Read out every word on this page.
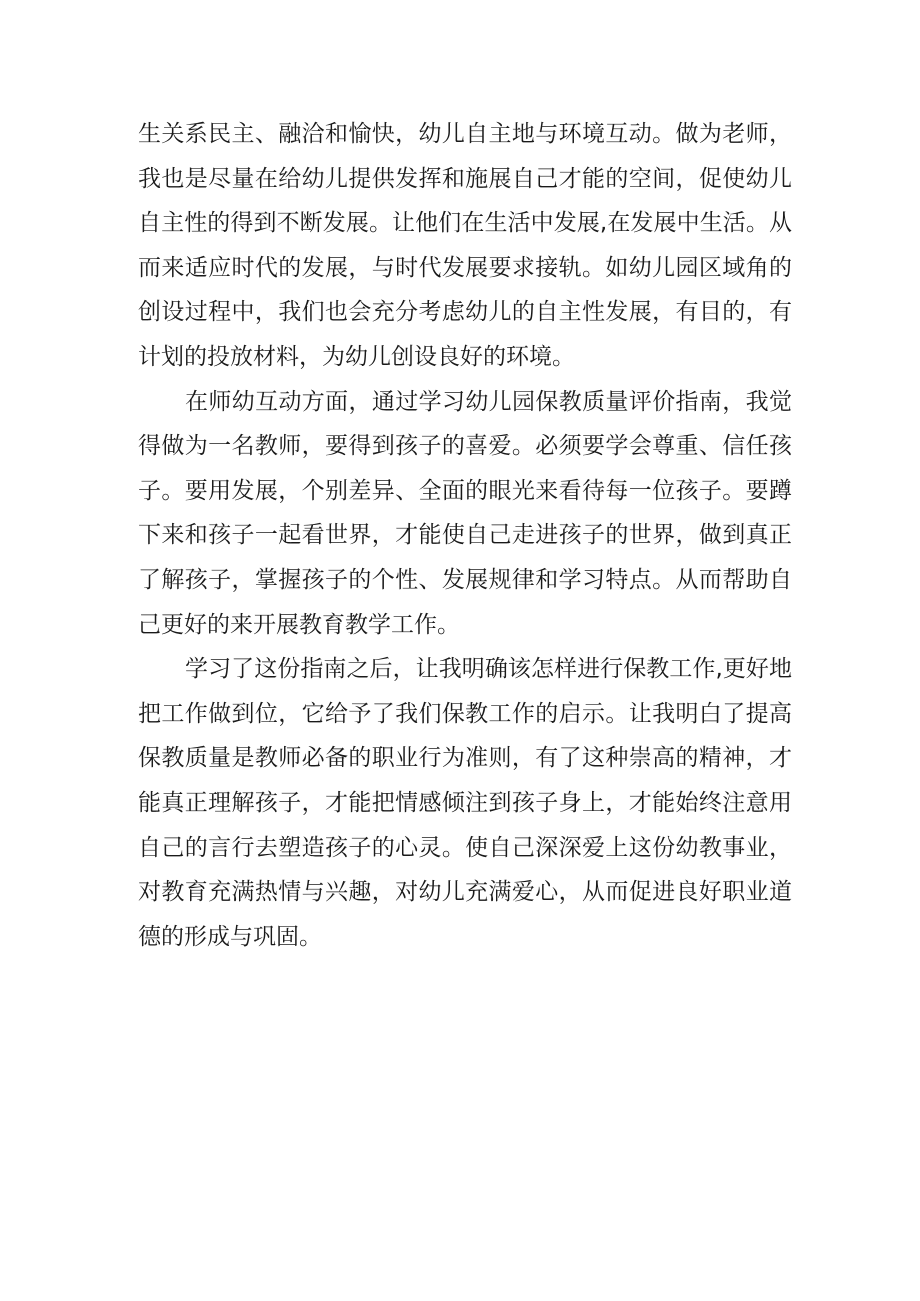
生关系民主、融洽和愉快，幼儿自主地与环境互动。做为老师，
我也是尽量在给幼儿提供发挥和施展自己才能的空间，促使幼儿
自主性的得到不断发展。让他们在生活中发展,在发展中生活。从
而来适应时代的发展，与时代发展要求接轨。如幼儿园区域角的
创设过程中，我们也会充分考虑幼儿的自主性发展，有目的，有
计划的投放材料，为幼儿创设良好的环境。
在师幼互动方面，通过学习幼儿园保教质量评价指南，我觉
得做为一名教师，要得到孩子的喜爱。必须要学会尊重、信任孩
子。要用发展，个别差异、全面的眼光来看待每一位孩子。要蹲
下来和孩子一起看世界，才能使自己走进孩子的世界，做到真正
了解孩子，掌握孩子的个性、发展规律和学习特点。从而帮助自
己更好的来开展教育教学工作。
学习了这份指南之后，让我明确该怎样进行保教工作,更好地
把工作做到位，它给予了我们保教工作的启示。让我明白了提高
保教质量是教师必备的职业行为准则，有了这种崇高的精神，才
能真正理解孩子，才能把情感倾注到孩子身上，才能始终注意用
自己的言行去塑造孩子的心灵。使自己深深爱上这份幼教事业，
对教育充满热情与兴趣，对幼儿充满爱心，从而促进良好职业道
德的形成与巩固。
